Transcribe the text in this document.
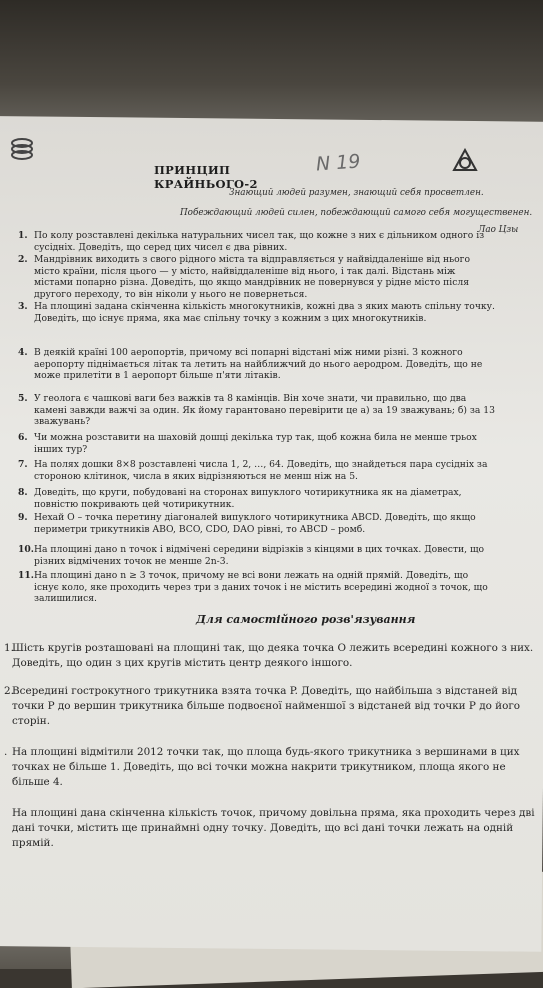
N 19
ПРИНЦИП КРАЙНЬОГО-2
Знающий людей разумен, знающий себя просветлен.
Побеждающий людей силен, побеждающий самого себя могущественен.
Лао Цзы
1. По колу розставлені декілька натуральних чисел так, що кожне з них є дільником одного із
сусідніх. Доведіть, що серед цих чисел є два рівних.
2. Мандрівник виходить з свого рідного міста та відправляється у найвіддаленіше від нього
місто країни, після цього — у місто, найвіддаленіше від нього, і так далі. Відстань між
містами попарно різна. Доведіть, що якщо мандрівник не повернувся у рідне місто після
другого переходу, то він ніколи у нього не повернеться.
3. На площині задана скінченна кількість многокутників, кожні два з яких мають спільну точку.
Доведіть, що існує пряма, яка має спільну точку з кожним з цих многокутників.
4. В деякій країні 100 аеропортів, причому всі попарні відстані між ними різні. З кожного
аеропорту піднімається літак та летить на найближчий до нього аеродром. Доведіть, що не
може прилетіти в 1 аеропорт більше п'яти літаків.
5. У геолога є чашкові ваги без важків та 8 камінців. Він хоче знати, чи правильно, що два
камені завжди важчі за один. Як йому гарантовано перевірити це а) за 19 зважувань; б) за 13
зважувань?
6. Чи можна розставити на шаховій дошці декілька тур так, щоб кожна била не менше трьох
інших тур?
7. На полях дошки 8×8 розставлені числа 1, 2, …, 64. Доведіть, що знайдеться пара сусідніх за
стороною клітинок, числа в яких відрізняються не менш ніж на 5.
8. Доведіть, що круги, побудовані на сторонах випуклого чотирикутника як на діаметрах,
повністю покривають цей чотирикутник.
9. Нехай O – точка перетину діагоналей випуклого чотирикутника ABCD. Доведіть, що якщо
периметри трикутників ABO, BCO, CDO, DAO рівні, то ABCD – ромб.
10. На площині дано n точок і відмічені середини відрізків з кінцями в цих точках. Довести, що
різних відмічених точок не менше 2n-3.
11. На площині дано n ≥ 3 точок, причому не всі вони лежать на одній прямій. Доведіть, що
існує коло, яке проходить через три з даних точок і не містить всередині жодної з точок, що
залишилися.
Для самостійного розв'язування
1.
Шість кругів розташовані на площині так, що деяка точка O лежить всередині кожного з них.
Доведіть, що один з цих кругів містить центр деякого іншого.
2.
Всередині гострокутного трикутника взята точка P. Доведіть, що найбільша з відстаней від
точки P до вершин трикутника більше подвоєної найменшої з відстаней від точки P до його
сторін.
. На площині відмітили 2012 точки так, що площа будь-якого трикутника з вершинами в цих
точках не більше 1. Доведіть, що всі точки можна накрити трикутником, площа якого не
більше 4.
На площині дана скінченна кількість точок, причому довільна пряма, яка проходить через дві
дані точки, містить ще принаймні одну точку. Доведіть, що всі дані точки лежать на одній
прямій.
